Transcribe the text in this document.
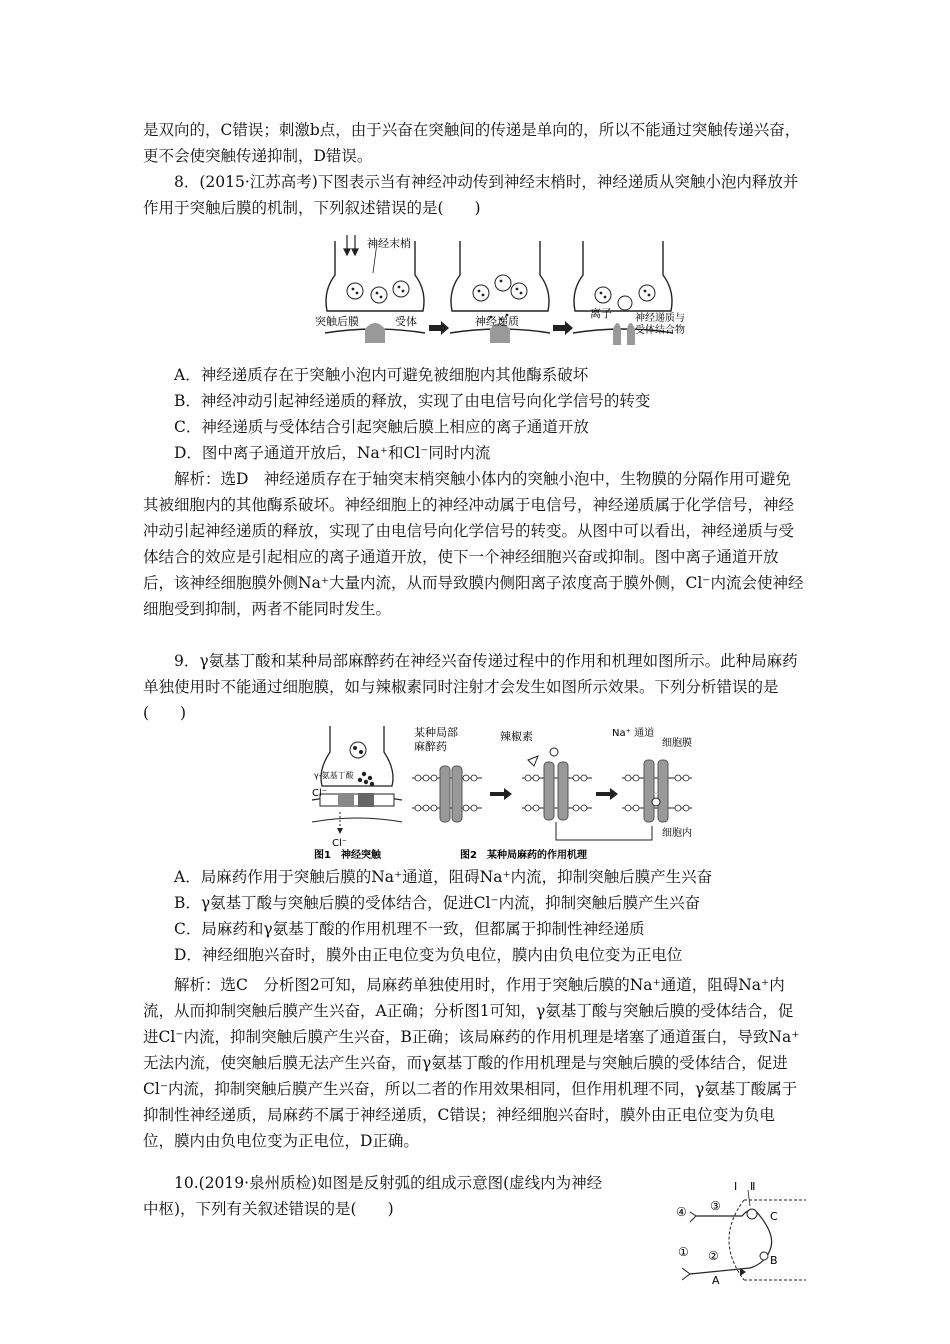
是双向的，C错误；刺激b点，由于兴奋在突触间的传递是单向的，所以不能通过突触传递兴奋，更不会使突触传递抑制，D错误。

8．(2015·江苏高考)下图表示当有神经冲动传到神经末梢时，神经递质从突触小泡内释放并作用于突触后膜的机制，下列叙述错误的是(　　)

神经末梢
突触后膜	受体	神经递质
离子 神经递质与
受体结合物
A．神经递质存在于突触小泡内可避免被细胞内其他酶系破坏
B．神经冲动引起神经递质的释放，实现了由电信号向化学信号的转变
C．神经递质与受体结合引起突触后膜上相应的离子通道开放
D．图中离子通道开放后，Na⁺和Cl⁻同时内流

解析：选D　神经递质存在于轴突末梢突触小体内的突触小泡中，生物膜的分隔作用可避免其被细胞内的其他酶系破坏。神经细胞上的神经冲动属于电信号，神经递质属于化学信号，神经冲动引起神经递质的释放，实现了由电信号向化学信号的转变。从图中可以看出，神经递质与受体结合的效应是引起相应的离子通道开放，使下一个神经细胞兴奋或抑制。图中离子通道开放后，该神经细胞膜外侧Na⁺大量内流，从而导致膜内侧阳离子浓度高于膜外侧，Cl⁻内流会使神经细胞受到抑制，两者不能同时发生。

9．γ氨基丁酸和某种局部麻醉药在神经兴奋传递过程中的作用和机理如图所示。此种局麻药单独使用时不能通过细胞膜，如与辣椒素同时注射才会发生如图所示效果。下列分析错误的是(　　)

γ-氨基丁酸
Cl⁻
Cl⁻
某种局部
麻醉药
辣椒素	Na⁺ 通道
细胞膜
细胞内
图1　神经突触	图2　某种局麻药的作用机理
A．局麻药作用于突触后膜的Na⁺通道，阻碍Na⁺内流，抑制突触后膜产生兴奋
B．γ氨基丁酸与突触后膜的受体结合，促进Cl⁻内流，抑制突触后膜产生兴奋
C．局麻药和γ氨基丁酸的作用机理不一致，但都属于抑制性神经递质
D．神经细胞兴奋时，膜外由正电位变为负电位，膜内由负电位变为正电位

解析：选C　分析图2可知，局麻药单独使用时，作用于突触后膜的Na⁺通道，阻碍Na⁺内流，从而抑制突触后膜产生兴奋，A正确；分析图1可知，γ氨基丁酸与突触后膜的受体结合，促进Cl⁻内流，抑制突触后膜产生兴奋，B正确；该局麻药的作用机理是堵塞了通道蛋白，导致Na⁺无法内流，使突触后膜无法产生兴奋，而γ氨基丁酸的作用机理是与突触后膜的受体结合，促进Cl⁻内流，抑制突触后膜产生兴奋，所以二者的作用效果相同，但作用机理不同，γ氨基丁酸属于抑制性神经递质，局麻药不属于神经递质，C错误；神经细胞兴奋时，膜外由正电位变为负电位，膜内由负电位变为正电位，D正确。

10.(2019·泉州质检)如图是反射弧的组成示意图(虚线内为神经
中枢)，下列有关叙述错误的是(　　)
Ⅰ Ⅱ
C
B
A
① ②
③
④
